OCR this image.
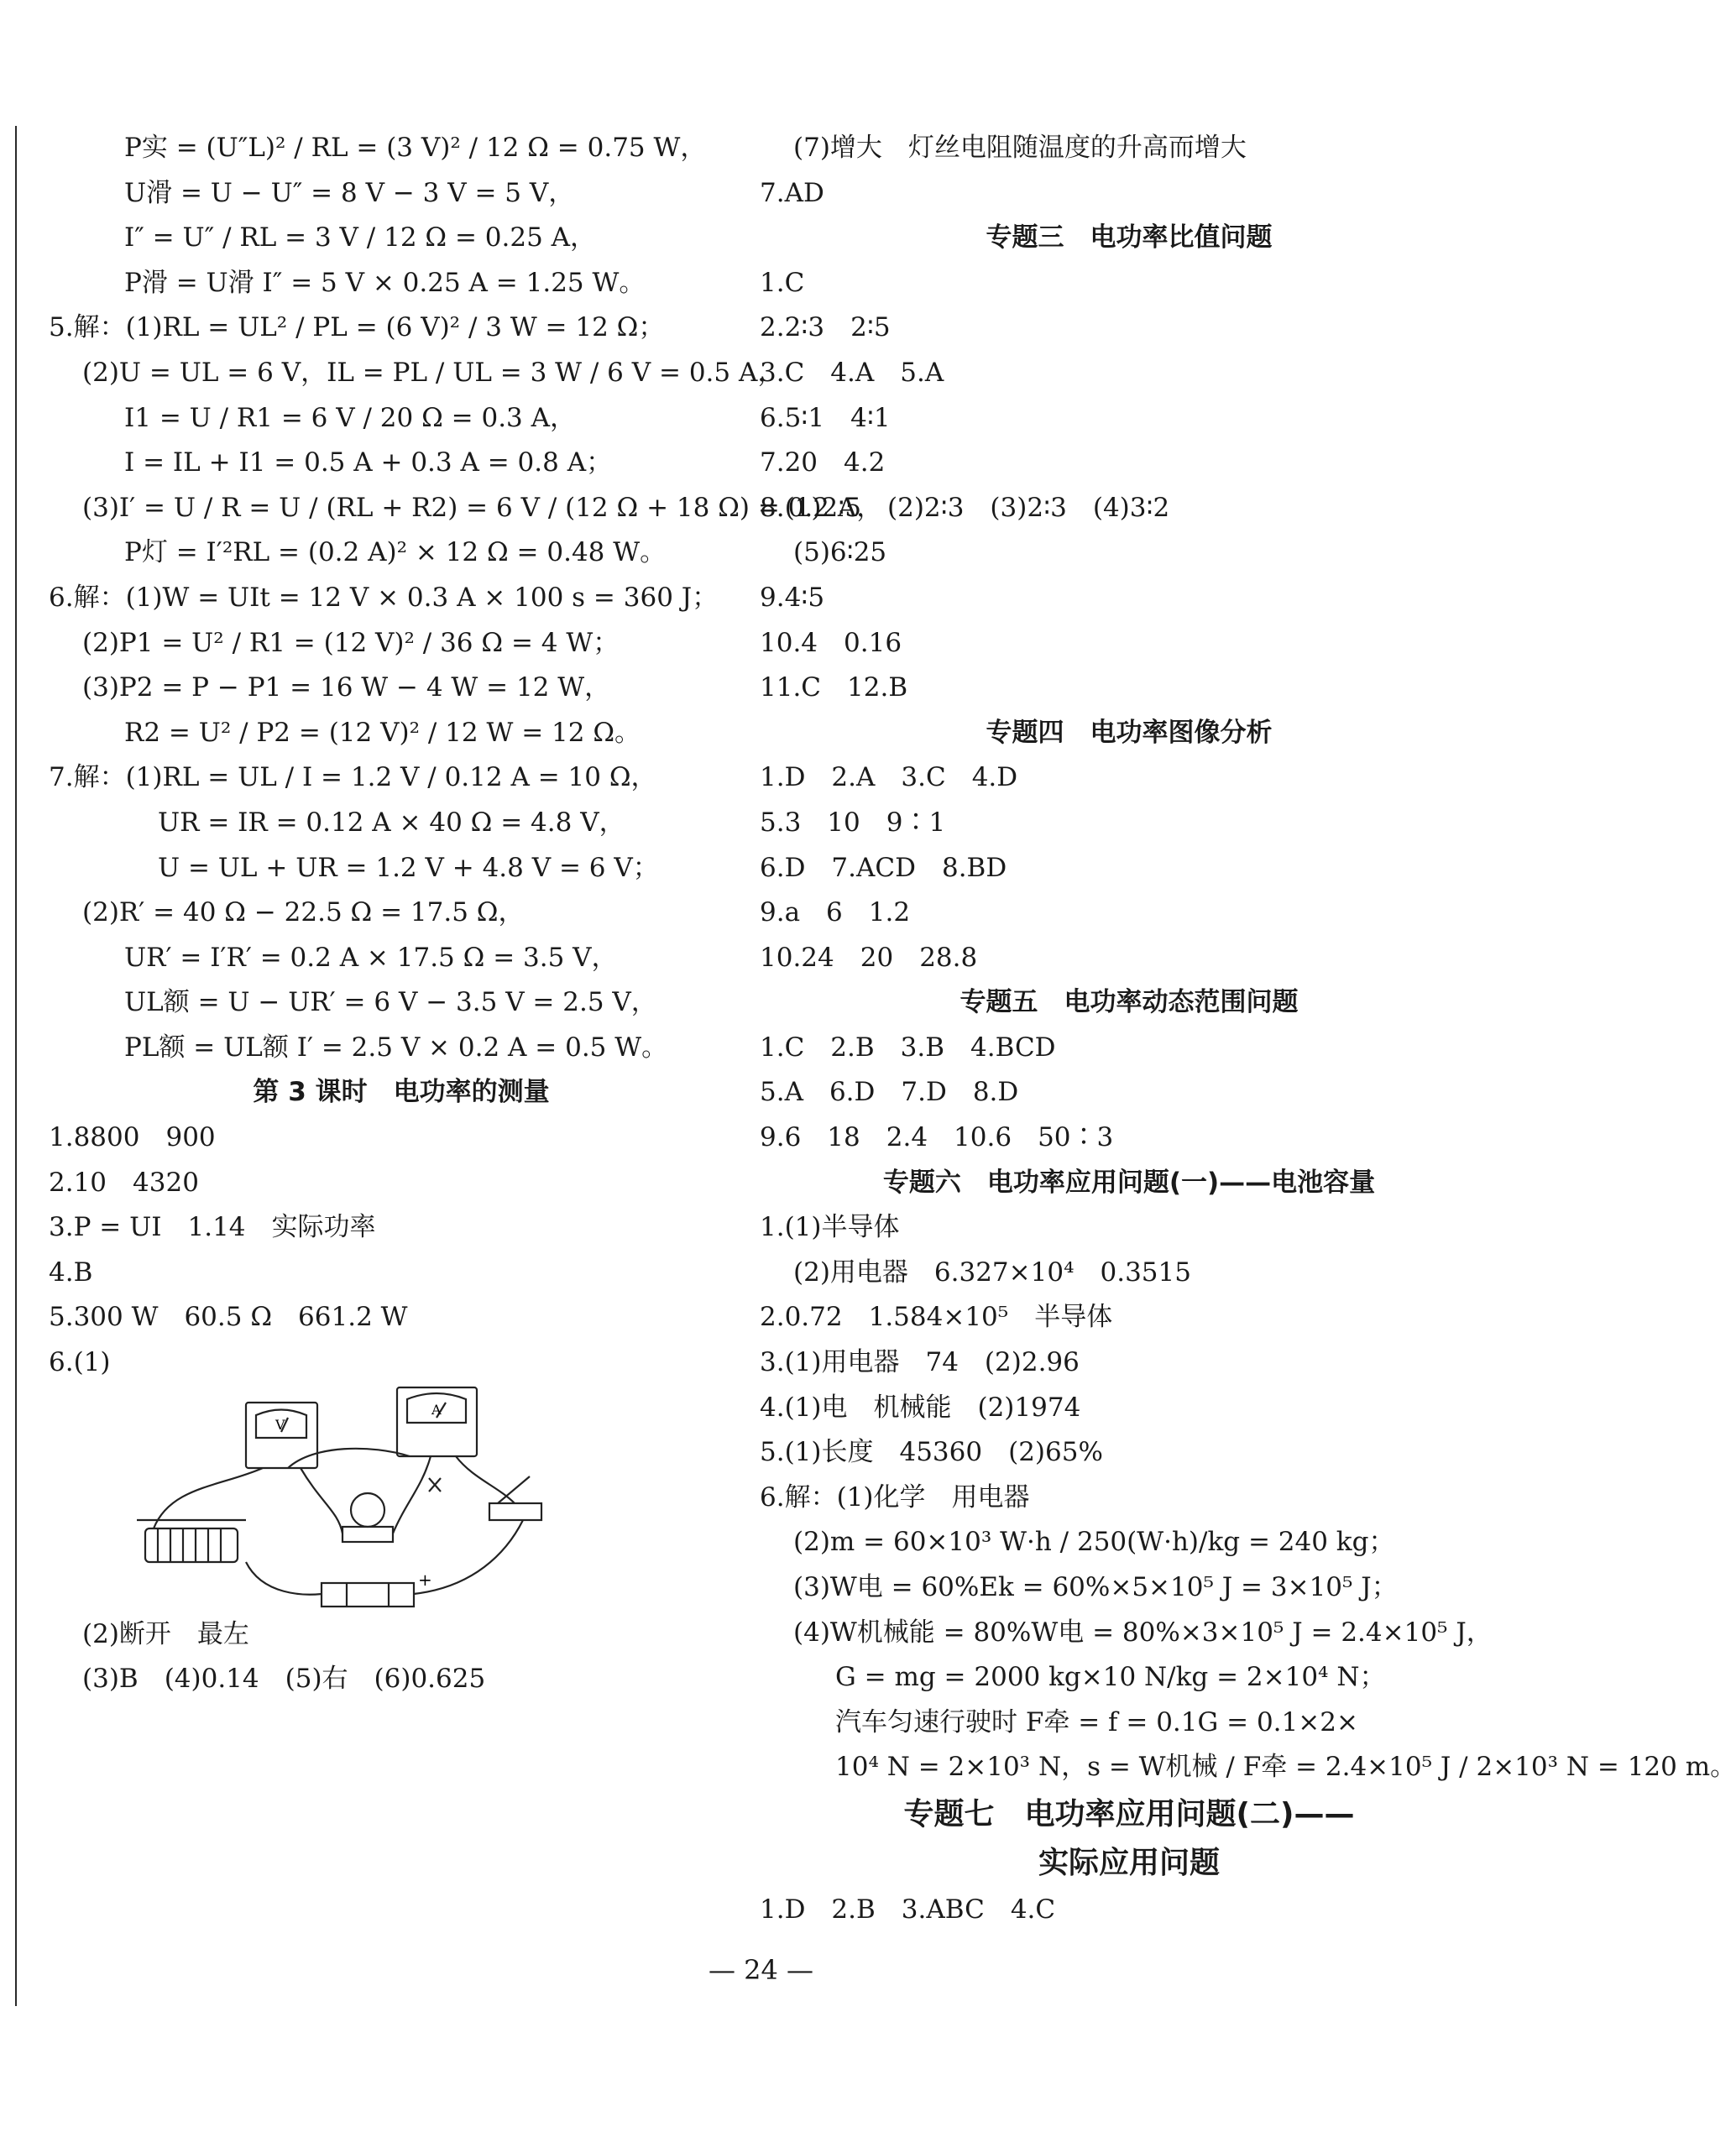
P实 = (U″L)² / RL = (3 V)² / 12 Ω = 0.75 W，
U滑 = U − U″ = 8 V − 3 V = 5 V，
I″ = U″ / RL = 3 V / 12 Ω = 0.25 A，
P滑 = U滑 I″ = 5 V × 0.25 A = 1.25 W。
5.解：(1)RL = UL² / PL = (6 V)² / 3 W = 12 Ω；
(2)U = UL = 6 V，IL = PL / UL = 3 W / 6 V = 0.5 A，
I1 = U / R1 = 6 V / 20 Ω = 0.3 A，
I = IL + I1 = 0.5 A + 0.3 A = 0.8 A；
(3)I′ = U / R = U / (RL + R2) = 6 V / (12 Ω + 18 Ω) = 0.2 A，
P灯 = I′²RL = (0.2 A)² × 12 Ω = 0.48 W。
6.解：(1)W = UIt = 12 V × 0.3 A × 100 s = 360 J；
(2)P1 = U² / R1 = (12 V)² / 36 Ω = 4 W；
(3)P2 = P − P1 = 16 W − 4 W = 12 W，
R2 = U² / P2 = (12 V)² / 12 W = 12 Ω。
7.解：(1)RL = UL / I = 1.2 V / 0.12 A = 10 Ω，
UR = IR = 0.12 A × 40 Ω = 4.8 V，
U = UL + UR = 1.2 V + 4.8 V = 6 V；
(2)R′ = 40 Ω − 22.5 Ω = 17.5 Ω，
UR′ = I′R′ = 0.2 A × 17.5 Ω = 3.5 V，
UL额 = U − UR′ = 6 V − 3.5 V = 2.5 V，
PL额 = UL额 I′ = 2.5 V × 0.2 A = 0.5 W。
第 3 课时　电功率的测量
1.8800　900
2.10　4320
3.P = UI　1.14　实际功率
4.B
5.300 W　60.5 Ω　661.2 W
6.(1)
V
A
+
(2)断开　最左
(3)B　(4)0.14　(5)右　(6)0.625
(7)增大　灯丝电阻随温度的升高而增大
7.AD
专题三　电功率比值问题
1.C
2.2∶3　2∶5
3.C　4.A　5.A
6.5∶1　4∶1
7.20　4.2
8.(1)2∶5　(2)2∶3　(3)2∶3　(4)3∶2
(5)6∶25
9.4∶5
10.4　0.16
11.C　12.B
专题四　电功率图像分析
1.D　2.A　3.C　4.D
5.3　10　9∶1
6.D　7.ACD　8.BD
9.a　6　1.2
10.24　20　28.8
专题五　电功率动态范围问题
1.C　2.B　3.B　4.BCD
5.A　6.D　7.D　8.D
9.6　18　2.4　10.6　50∶3
专题六　电功率应用问题(一)——电池容量
1.(1)半导体
(2)用电器　6.327×10⁴　0.3515
2.0.72　1.584×10⁵　半导体
3.(1)用电器　74　(2)2.96
4.(1)电　机械能　(2)1974
5.(1)长度　45360　(2)65%
6.解：(1)化学　用电器
(2)m = 60×10³ W·h / 250(W·h)/kg = 240 kg；
(3)W电 = 60%Ek = 60%×5×10⁵ J = 3×10⁵ J；
(4)W机械能 = 80%W电 = 80%×3×10⁵ J = 2.4×10⁵ J，
G = mg = 2000 kg×10 N/kg = 2×10⁴ N；
汽车匀速行驶时 F牵 = f = 0.1G = 0.1×2×
10⁴ N = 2×10³ N，s = W机械 / F牵 = 2.4×10⁵ J / 2×10³ N = 120 m。
专题七　电功率应用问题(二)——
实际应用问题
1.D　2.B　3.ABC　4.C
— 24 —
